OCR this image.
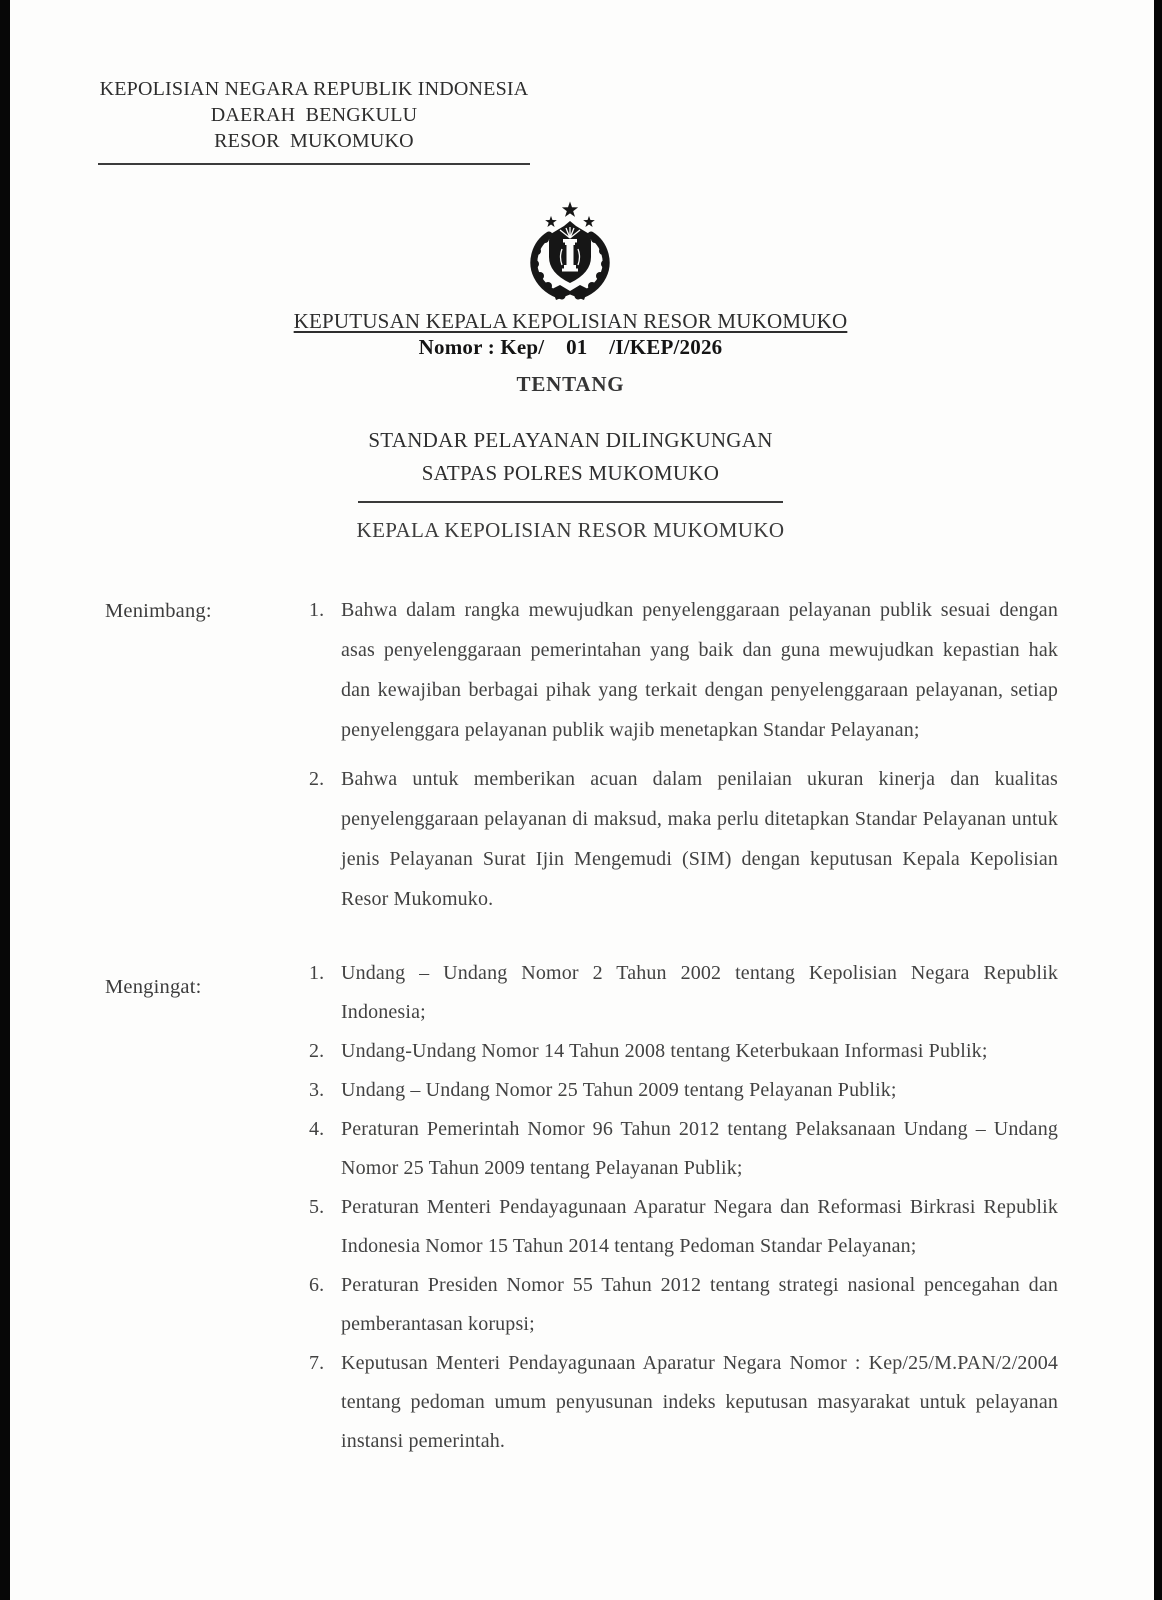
KEPOLISIAN NEGARA REPUBLIK INDONESIA
DAERAH  BENGKULU
RESOR  MUKOMUKO
KEPUTUSAN KEPALA KEPOLISIAN RESOR MUKOMUKO
Nomor : Kep/    01    /I/KEP/2026
TENTANG
STANDAR PELAYANAN DILINGKUNGAN
SATPAS POLRES MUKOMUKO
KEPALA KEPOLISIAN RESOR MUKOMUKO
Menimbang:	Bahwa dalam rangka mewujudkan penyelenggaraan pelayanan publik sesuai dengan asas penyelenggaraan pemerintahan yang baik dan guna mewujudkan kepastian hak dan kewajiban berbagai pihak yang terkait dengan penyelenggaraan pelayanan, setiap penyelenggara pelayanan publik wajib menetapkan Standar Pelayanan;
Bahwa untuk memberikan acuan dalam penilaian ukuran kinerja dan kualitas penyelenggaraan pelayanan di maksud, maka perlu ditetapkan Standar Pelayanan untuk jenis Pelayanan Surat Ijin Mengemudi (SIM) dengan keputusan Kepala Kepolisian Resor Mukomuko.
Mengingat:
Undang – Undang Nomor 2 Tahun 2002 tentang Kepolisian Negara Republik Indonesia;
Undang-Undang Nomor 14 Tahun 2008 tentang Keterbukaan Informasi Publik;
Undang – Undang Nomor 25 Tahun 2009 tentang Pelayanan Publik;
Peraturan Pemerintah Nomor 96 Tahun 2012 tentang Pelaksanaan Undang – Undang Nomor 25 Tahun 2009 tentang Pelayanan Publik;
Peraturan Menteri Pendayagunaan Aparatur Negara dan Reformasi Birkrasi Republik Indonesia Nomor 15 Tahun 2014 tentang Pedoman Standar Pelayanan;
Peraturan Presiden Nomor 55 Tahun 2012 tentang strategi nasional pencegahan dan pemberantasan korupsi;
Keputusan Menteri Pendayagunaan Aparatur Negara Nomor : Kep/25/M.PAN/2/2004 tentang pedoman umum penyusunan indeks keputusan masyarakat untuk pelayanan instansi pemerintah.
